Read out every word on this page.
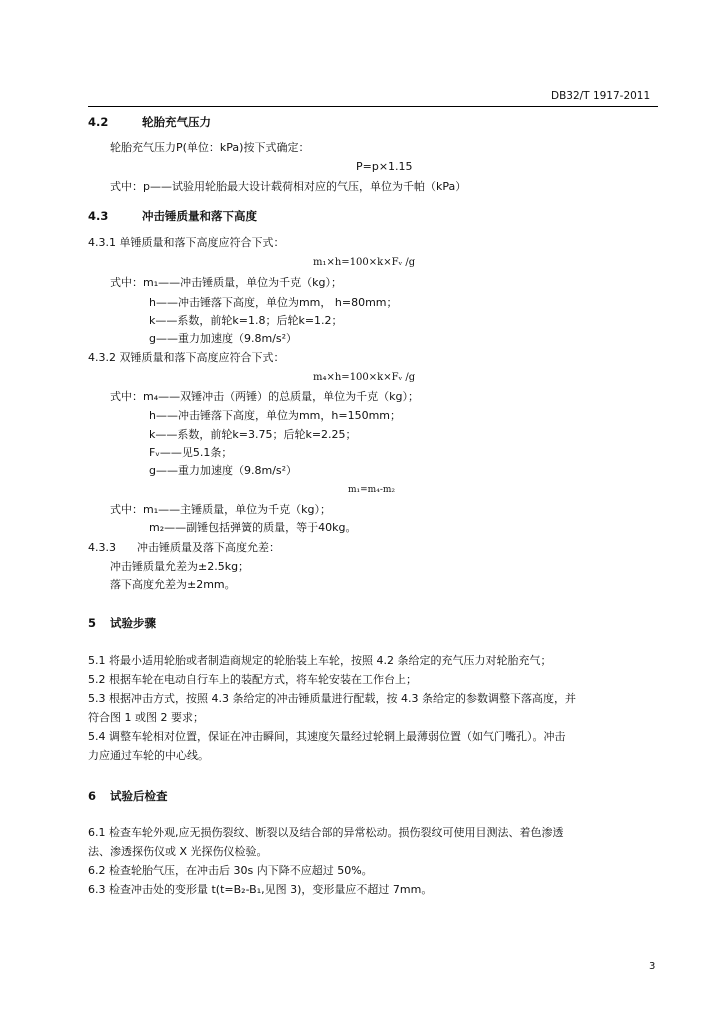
DB32/T 1917-2011
4.2	轮胎充气压力
轮胎充气压力P(单位：kPa)按下式确定：
P=p×1.15
式中：p——试验用轮胎最大设计载荷相对应的气压，单位为千帕（kPa）
4.3	冲击锤质量和落下高度
4.3.1 单锤质量和落下高度应符合下式：
m₁×h=100×k×Fᵥ /g
式中：m₁——冲击锤质量，单位为千克（kg）；
h——冲击锤落下高度，单位为mm， h=80mm；
k——系数，前轮k=1.8；后轮k=1.2；
g——重力加速度（9.8m/s²）
4.3.2 双锤质量和落下高度应符合下式：
m₄×h=100×k×Fᵥ /g
式中：m₄——双锤冲击（两锤）的总质量，单位为千克（kg）；
h——冲击锤落下高度，单位为mm，h=150mm；
k——系数，前轮k=3.75；后轮k=2.25；
Fᵥ——见5.1条；
g——重力加速度（9.8m/s²）
m₁=m₄-m₂
式中：m₁——主锤质量，单位为千克（kg）；
m₂——副锤包括弹簧的质量，等于40kg。
4.3.3 冲击锤质量及落下高度允差：
冲击锤质量允差为±2.5kg；
落下高度允差为±2mm。
5 试验步骤
5.1 将最小适用轮胎或者制造商规定的轮胎装上车轮，按照 4.2 条给定的充气压力对轮胎充气；
5.2 根据车轮在电动自行车上的装配方式，将车轮安装在工作台上；
5.3 根据冲击方式，按照 4.3 条给定的冲击锤质量进行配载，按 4.3 条给定的参数调整下落高度，并
符合图 1 或图 2 要求；
5.4 调整车轮相对位置，保证在冲击瞬间，其速度矢量经过轮辋上最薄弱位置（如气门嘴孔）。冲击
力应通过车轮的中心线。
6 试验后检查
6.1 检查车轮外观,应无损伤裂纹、断裂以及结合部的异常松动。损伤裂纹可使用目测法、着色渗透
法、渗透探伤仪或 X 光探伤仪检验。
6.2 检查轮胎气压，在冲击后 30s 内下降不应超过 50%。
6.3 检查冲击处的变形量 t(t=B₂-B₁,见图 3)，变形量应不超过 7mm。
3
